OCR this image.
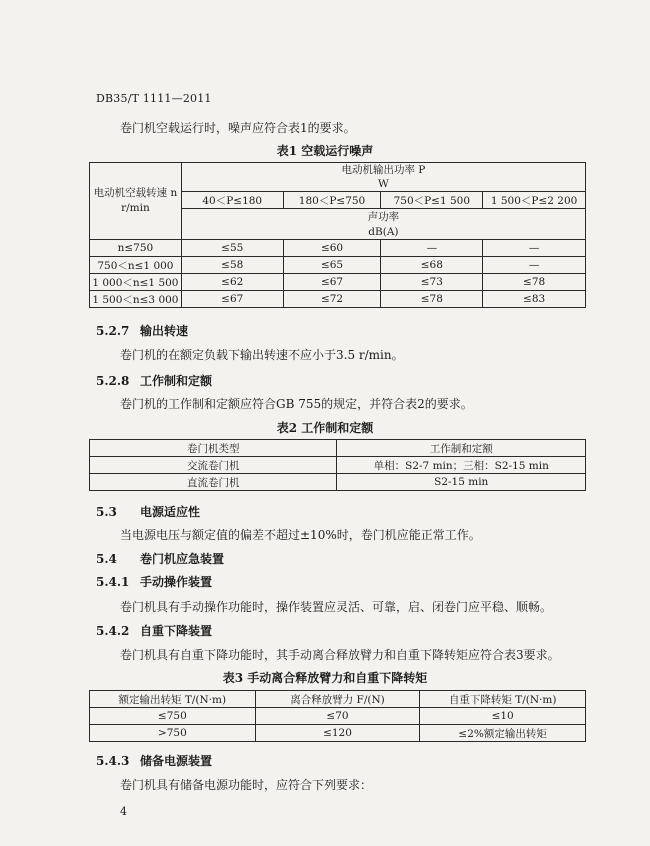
DB35/T 1111—2011
卷门机空载运行时，噪声应符合表1的要求。
表1 空载运行噪声
电动机空载转速 n r/min	电动机输出功率 P
W			

	40＜P≤180	180＜P≤750	750＜P≤1 500	1 500＜P≤2 200
	声功率			
	dB(A)			
n≤750	≤55	≤60	—	—
750＜n≤1 000	≤58	≤65	≤68	—
1 000＜n≤1 500	≤62	≤67	≤73	≤78
1 500＜n≤3 000	≤67	≤72	≤78	≤83
5.2.7 输出转速
卷门机的在额定负载下输出转速不应小于3.5 r/min。
5.2.8 工作制和定额
卷门机的工作制和定额应符合GB 755的规定，并符合表2的要求。
表2 工作制和定额
卷门机类型	工作制和定额
交流卷门机	单相：S2-7 min；三相：S2-15 min
直流卷门机	S2-15 min
5.3 电源适应性
当电源电压与额定值的偏差不超过±10%时，卷门机应能正常工作。
5.4 卷门机应急装置
5.4.1 手动操作装置
卷门机具有手动操作功能时，操作装置应灵活、可靠，启、闭卷门应平稳、顺畅。
5.4.2 自重下降装置
卷门机具有自重下降功能时，其手动离合释放臂力和自重下降转矩应符合表3要求。
表3 手动离合释放臂力和自重下降转矩
额定输出转矩 T/(N·m)	离合释放臂力 F/(N)	自重下降转矩 T/(N·m)
≤750	≤70	≤10
>750	≤120	≤2%额定输出转矩
5.4.3 储备电源装置
卷门机具有储备电源功能时，应符合下列要求：
4
